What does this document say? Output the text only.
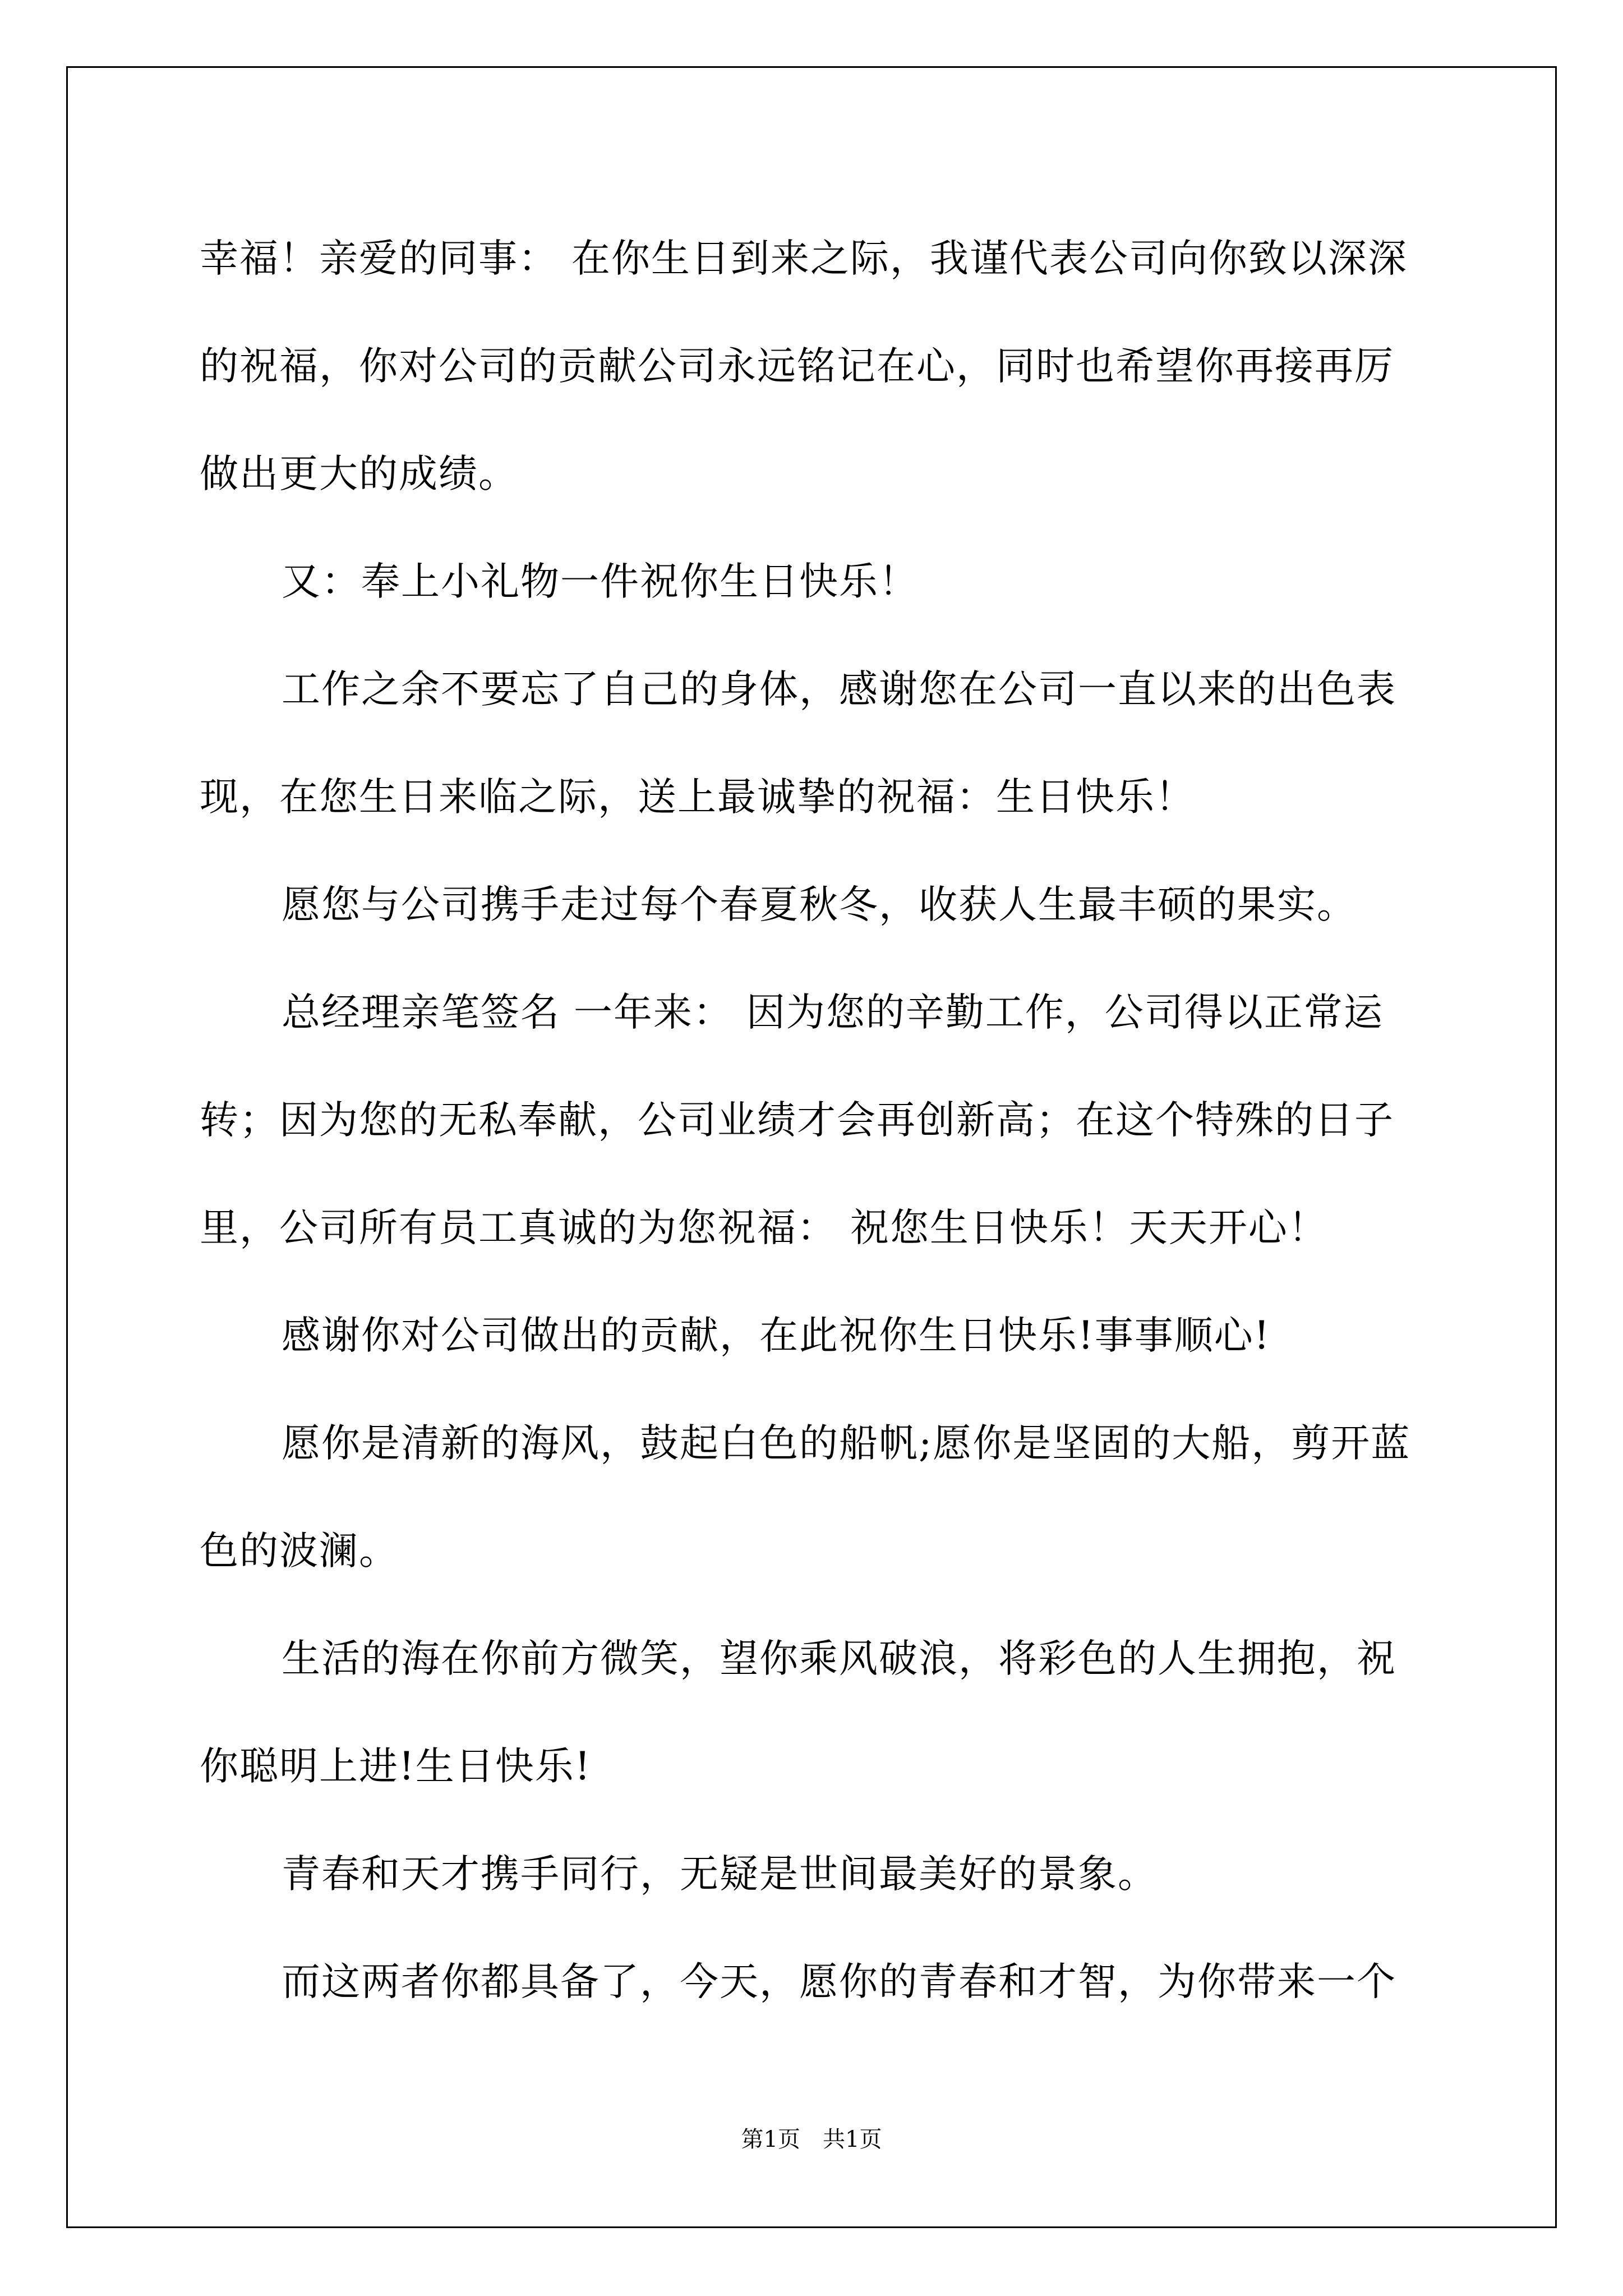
幸福！亲爱的同事： 在你生日到来之际，我谨代表公司向你致以深深的祝福，你对公司的贡献公司永远铭记在心，同时也希望你再接再厉做出更大的成绩。

又：奉上小礼物一件祝你生日快乐！

工作之余不要忘了自己的身体，感谢您在公司一直以来的出色表现，在您生日来临之际，送上最诚挚的祝福：生日快乐！

愿您与公司携手走过每个春夏秋冬，收获人生最丰硕的果实。

总经理亲笔签名 一年来： 因为您的辛勤工作，公司得以正常运转；因为您的无私奉献，公司业绩才会再创新高；在这个特殊的日子里，公司所有员工真诚的为您祝福： 祝您生日快乐！天天开心！

感谢你对公司做出的贡献，在此祝你生日快乐!事事顺心!

愿你是清新的海风，鼓起白色的船帆;愿你是坚固的大船，剪开蓝色的波澜。

生活的海在你前方微笑，望你乘风破浪，将彩色的人生拥抱，祝你聪明上进!生日快乐!

青春和天才携手同行，无疑是世间最美好的景象。

而这两者你都具备了，今天，愿你的青春和才智，为你带来一个

第1页 共1页
